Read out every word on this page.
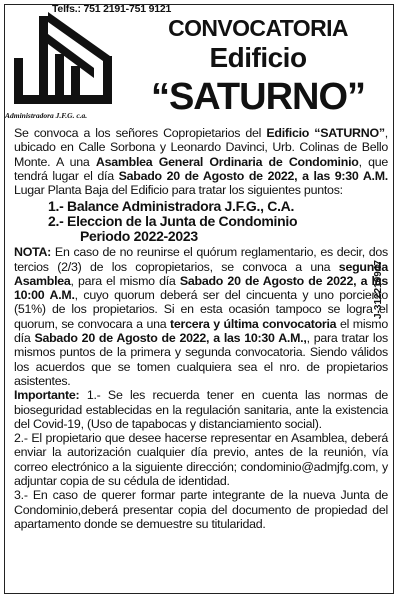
Telfs.: 751 2191-751 9121
Administradora J.F.G. c.a.
CONVOCATORIA
Edificio
“SATURNO”
J-312219947

Se convoca a los señores Copropietarios del Edificio “SATURNO”, ubicado en Calle Sorbona y Leonardo Davinci, Urb. Colinas de Bello Monte. A una Asamblea General Ordinaria de Condominio, que tendrá lugar el día Sabado 20 de Agosto de 2022, a las 9:30 A.M. Lugar Planta Baja del Edificio para tratar los siguientes puntos:

1.- Balance Administradora J.F.G., C.A.
2.- Eleccion de la Junta de Condominio
Periodo 2022-2023

NOTA: En caso de no reunirse el quórum reglamentario, es decir, dos tercios (2/3) de los copropietarios, se convoca a una segunda Asamblea, para el mismo día Sabado 20 de Agosto de 2022, a las 10:00 A.M., cuyo quorum deberá ser del cincuenta y uno porciento (51%) de los propietarios. Si en esta ocasión tampoco se logra el quorum, se convocara a una tercera y última convocatoria el mismo día Sabado 20 de Agosto de 2022, a las 10:30 A.M.,, para tratar los mismos puntos de la primera y segunda convocatoria. Siendo válidos los acuerdos que se tomen cualquiera sea el nro. de propietarios asistentes.

Importante: 1.- Se les recuerda tener en cuenta las normas de bioseguridad establecidas en la regulación sanitaria, ante la existencia del Covid-19, (Uso de tapabocas y distanciamiento social).

2.- El propietario que desee hacerse representar en Asamblea, deberá enviar la autorización cualquier día previo, antes de la reunión, vía correo electrónico a la siguiente dirección; condominio@admjfg.com, y adjuntar copia de su cédula de identidad.

3.- En caso de querer formar parte integrante de la nueva Junta de Condominio,deberá presentar copia del documento de propiedad del apartamento donde se demuestre su titularidad.
